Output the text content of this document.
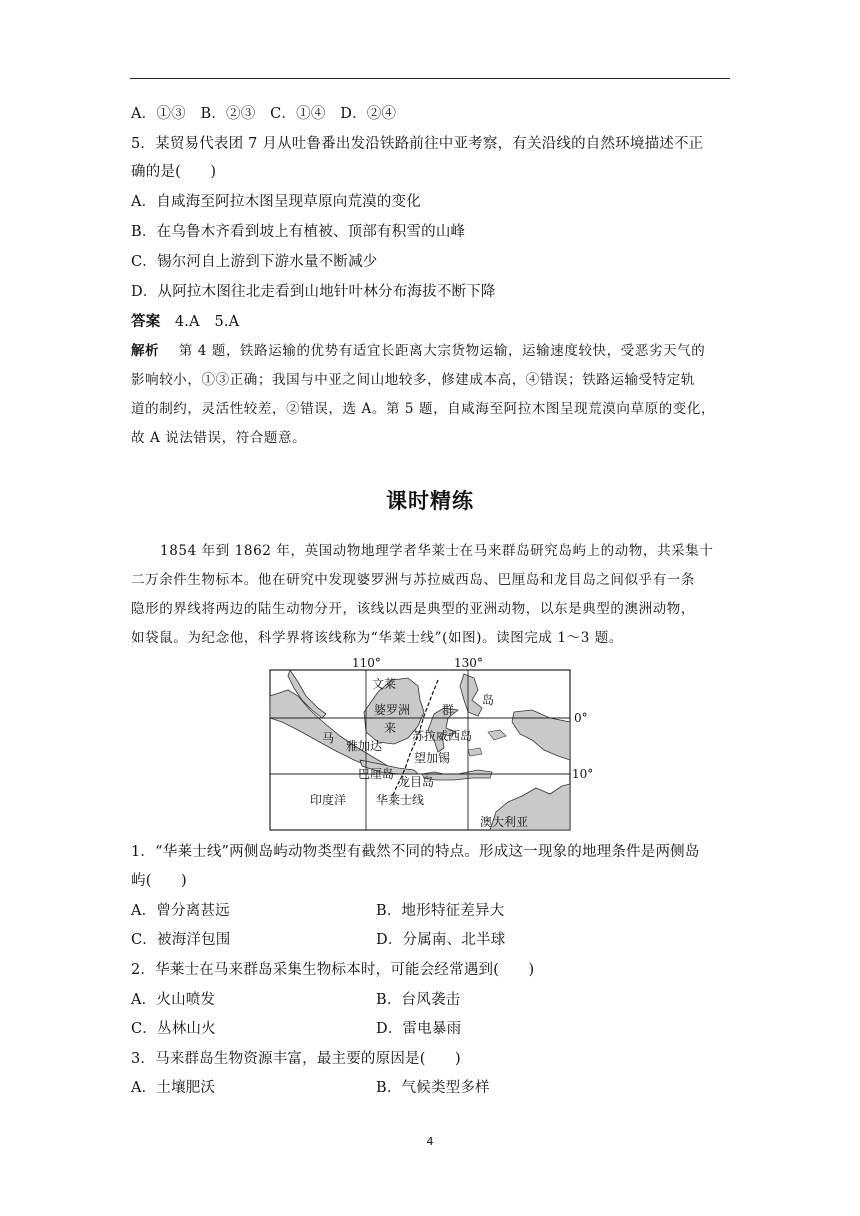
A．①③　B．②③　C．①④　D．②④
5．某贸易代表团 7 月从吐鲁番出发沿铁路前往中亚考察，有关沿线的自然环境描述不正
确的是(　　)
A．自咸海至阿拉木图呈现草原向荒漠的变化
B．在乌鲁木齐看到坡上有植被、顶部有积雪的山峰
C．锡尔河自上游到下游水量不断减少
D．从阿拉木图往北走看到山地针叶林分布海拔不断下降
答案 4.A　5.A
解析 第 4 题，铁路运输的优势有适宜长距离大宗货物运输，运输速度较快，受恶劣天气的
影响较小，①③正确；我国与中亚之间山地较多，修建成本高，④错误；铁路运输受特定轨
道的制约，灵活性较差，②错误，选 A。第 5 题，自咸海至阿拉木图呈现荒漠向草原的变化，
故 A 说法错误，符合题意。
课时精练
1854 年到 1862 年，英国动物地理学者华莱士在马来群岛研究岛屿上的动物，共采集十
二万余件生物标本。他在研究中发现婆罗洲与苏拉威西岛、巴厘岛和龙目岛之间似乎有一条
隐形的界线将两边的陆生动物分开，该线以西是典型的亚洲动物，以东是典型的澳洲动物，
如袋鼠。为纪念他，科学界将该线称为“华莱士线”(如图)。读图完成 1～3 题。
110°	130°
0°
10°
文莱
婆罗洲	群
岛
马
来
雅加达
苏拉威西岛
望加锡
巴厘岛
龙目岛
印度洋 华莱士线
澳大利亚
1．“华莱士线”两侧岛屿动物类型有截然不同的特点。形成这一现象的地理条件是两侧岛
屿(　　)
A．曾分离甚远	B．地形特征差异大
C．被海洋包围	D．分属南、北半球
2．华莱士在马来群岛采集生物标本时，可能会经常遇到(　　)
A．火山喷发	B．台风袭击
C．丛林山火	D．雷电暴雨
3．马来群岛生物资源丰富，最主要的原因是(　　)
A．土壤肥沃	B．气候类型多样
4
